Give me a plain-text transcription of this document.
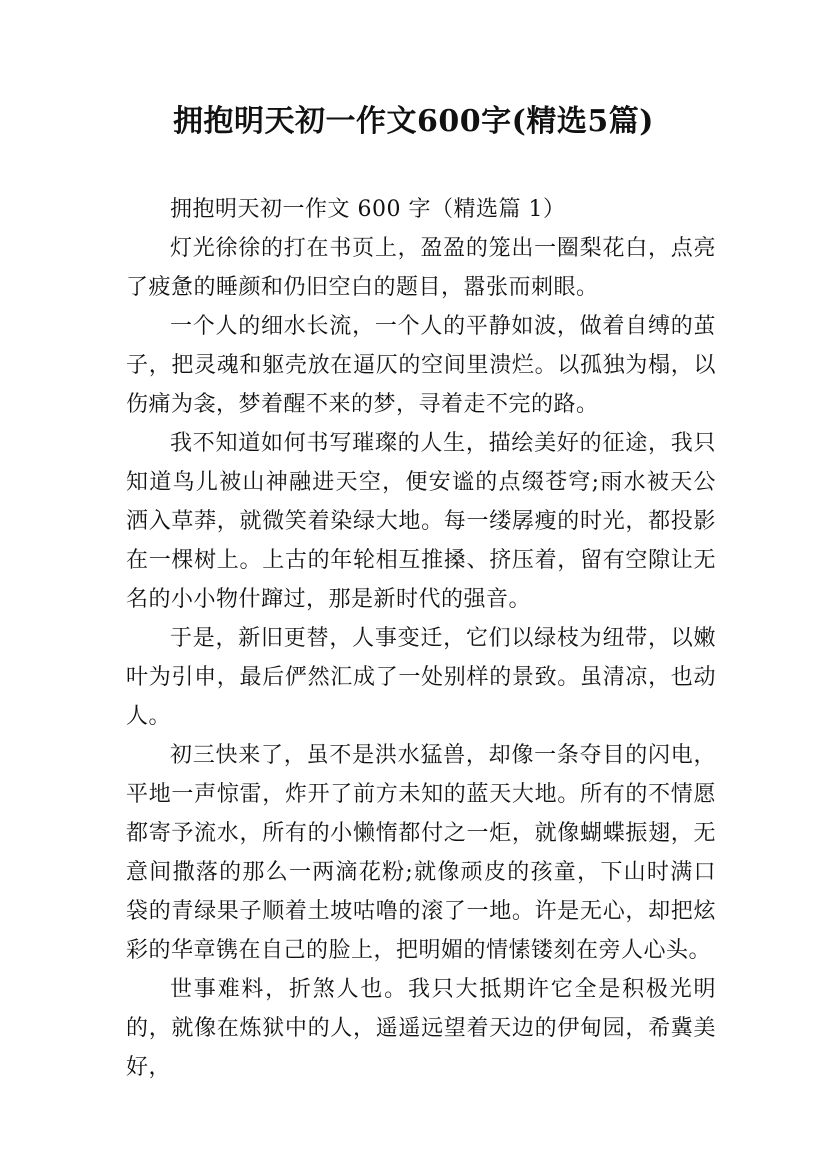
拥抱明天初一作文600字(精选5篇)

拥抱明天初一作文 600 字（精选篇 1）

灯光徐徐的打在书页上，盈盈的笼出一圈梨花白，点亮了疲惫的睡颜和仍旧空白的题目，嚣张而刺眼。

一个人的细水长流，一个人的平静如波，做着自缚的茧子，把灵魂和躯壳放在逼仄的空间里溃烂。以孤独为榻，以伤痛为衾，梦着醒不来的梦，寻着走不完的路。

我不知道如何书写璀璨的人生，描绘美好的征途，我只知道鸟儿被山神融进天空，便安谧的点缀苍穹;雨水被天公洒入草莽，就微笑着染绿大地。每一缕孱瘦的时光，都投影在一棵树上。上古的年轮相互推搡、挤压着，留有空隙让无名的小小物什蹿过，那是新时代的强音。

于是，新旧更替，人事变迁，它们以绿枝为纽带，以嫩叶为引申，最后俨然汇成了一处别样的景致。虽清凉，也动人。

初三快来了，虽不是洪水猛兽，却像一条夺目的闪电，平地一声惊雷，炸开了前方未知的蓝天大地。所有的不情愿都寄予流水，所有的小懒惰都付之一炬，就像蝴蝶振翅，无意间撒落的那么一两滴花粉;就像顽皮的孩童，下山时满口袋的青绿果子顺着土坡咕噜的滚了一地。许是无心，却把炫彩的华章镌在自己的脸上，把明媚的情愫镂刻在旁人心头。

世事难料，折煞人也。我只大抵期许它全是积极光明的，就像在炼狱中的人，遥遥远望着天边的伊甸园，希冀美好，
